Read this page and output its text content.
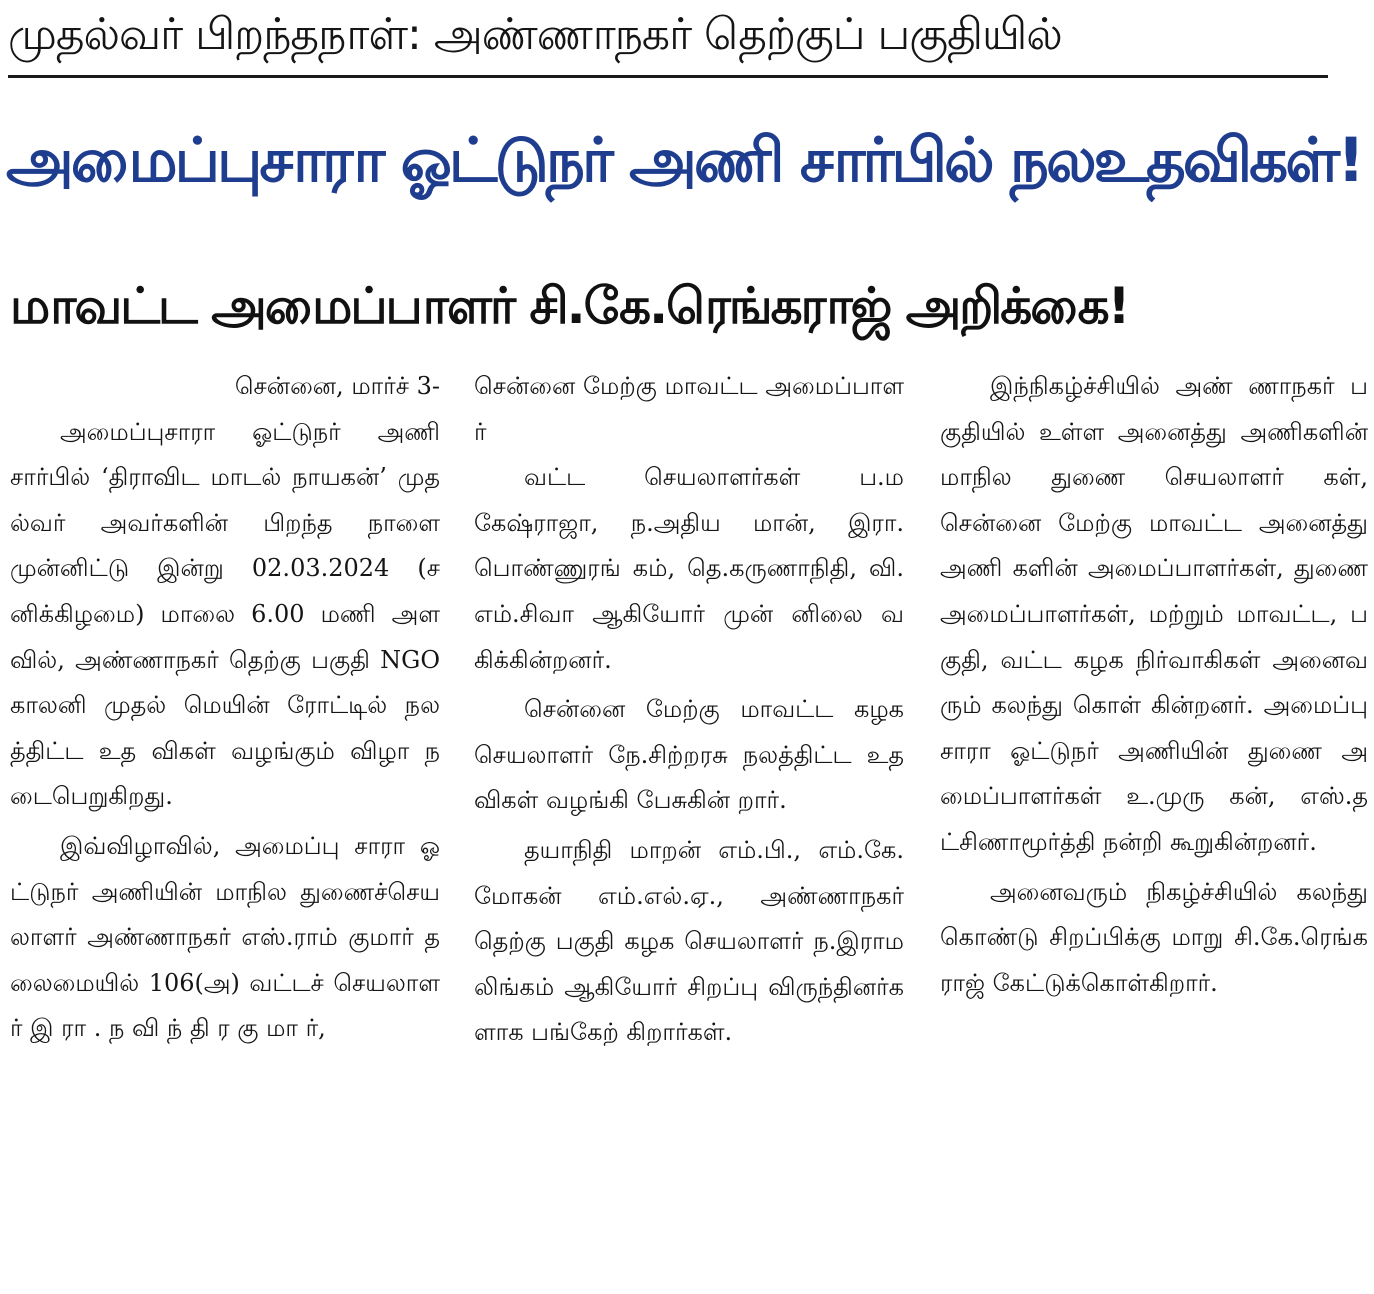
முதல்வர் பிறந்தநாள்: அண்ணாநகர் தெற்குப் பகுதியில்
அமைப்புசாரா ஓட்டுநர் அணி சார்பில் நலஉதவிகள்!
மாவட்ட அமைப்பாளர் சி.கே.ரெங்கராஜ் அறிக்கை!

சென்னை, மார்ச் 3-

அமைப்புசாரா ஓட்டுநர் அணி சார்பில் ‘திராவிட மாடல் நாயகன்’ முதல்வர் அவர்களின் பிறந்த நாளை முன்னிட்டு இன்று 02.03.2024 (சனிக்கிழமை) மாலை 6.00 மணி அளவில், அண்ணாநகர் தெற்கு பகுதி NGO காலனி முதல் மெயின் ரோட்டில் நலத்திட்ட உத விகள் வழங்கும் விழா நடைபெறுகிறது.

இவ்விழாவில், அமைப்பு சாரா ஓட்டுநர் அணியின் மாநில துணைச்செயலாளர் அண்ணாநகர் எஸ்.ராம் குமார் தலைமையில் 106(அ) வட்டச் செயலாளர் இ ரா . ந வி ந் தி ர கு மா ர்,

சென்னை மேற்கு மாவட்ட அமைப்பாளர்

வட்ட செயலாளர்கள் ப.மகேஷ்ராஜா, ந.அதிய மான், இரா. பொண்ணுரங் கம், தெ.கருணாநிதி, வி. எம்.சிவா ஆகியோர் முன் னிலை வகிக்கின்றனர்.

சென்னை மேற்கு மாவட்ட கழக செயலாளர் நே.சிற்றரசு நலத்திட்ட உத விகள் வழங்கி பேசுகின் றார்.

தயாநிதி மாறன் எம்.பி., எம்.கே. மோகன் எம்.எல்.ஏ., அண்ணாநகர் தெற்கு பகுதி கழக செயலாளர் ந.இராம லிங்கம் ஆகியோர் சிறப்பு விருந்தினர்களாக பங்கேற் கிறார்கள்.

இந்நிகழ்ச்சியில் அண் ணாநகர் பகுதியில் உள்ள அனைத்து அணிகளின் மாநில துணை செயலாளர் கள், சென்னை மேற்கு மாவட்ட அனைத்து அணி களின் அமைப்பாளர்கள், துணை அமைப்பாளர்கள், மற்றும் மாவட்ட, பகுதி, வட்ட கழக நிர்வாகிகள் அனைவரும் கலந்து கொள் கின்றனர். அமைப்பு சாரா ஓட்டுநர் அணியின் துணை அமைப்பாளர்கள் உ.முரு கன், எஸ்.தட்சிணாமூர்த்தி நன்றி கூறுகின்றனர்.

அனைவரும் நிகழ்ச்சியில் கலந்து கொண்டு சிறப்பிக்கு மாறு சி.கே.ரெங்கராஜ் கேட்டுக்கொள்கிறார்.
